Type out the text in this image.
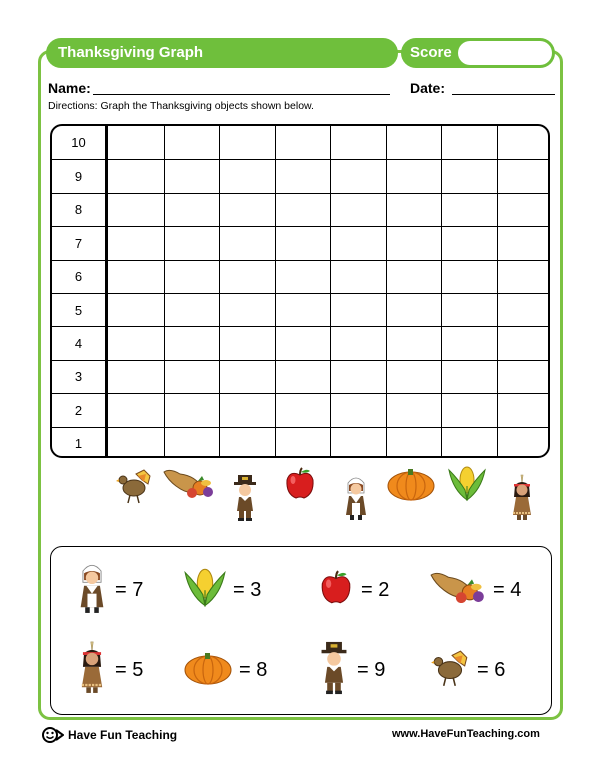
Thanksgiving Graph	Score
Name:	Date:
Directions: Graph the Thanksgiving objects shown below.
10
9
8
7
6
5
4
3
2
1
= 7	= 3	= 2	= 4
= 5	= 8	= 9	= 6
Have Fun Teaching	www.HaveFunTeaching.com
